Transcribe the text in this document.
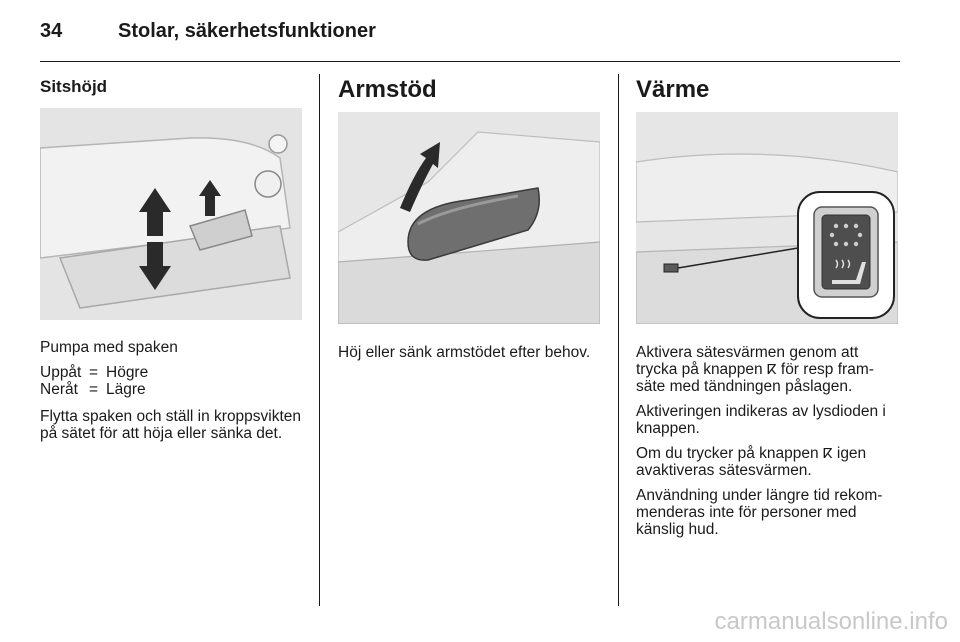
34	Stolar, säkerhetsfunktioner
Sitshöjd
Pumpa med spaken
Uppåt = Högre
Neråt = Lägre
Flytta spaken och ställ in kroppsvikten på sätet för att höja eller sänka det.
Armstöd
Höj eller sänk armstödet efter behov.
Värme
Aktivera sätesvärmen genom att trycka på knappen ⴽ för resp framsäte med tändningen påslagen.
Aktiveringen indikeras av lysdioden i knappen.
Om du trycker på knappen ⴽ igen avaktiveras sätesvärmen.
Användning under längre tid rekommenderas inte för personer med känslig hud.
carmanualsonline.info
